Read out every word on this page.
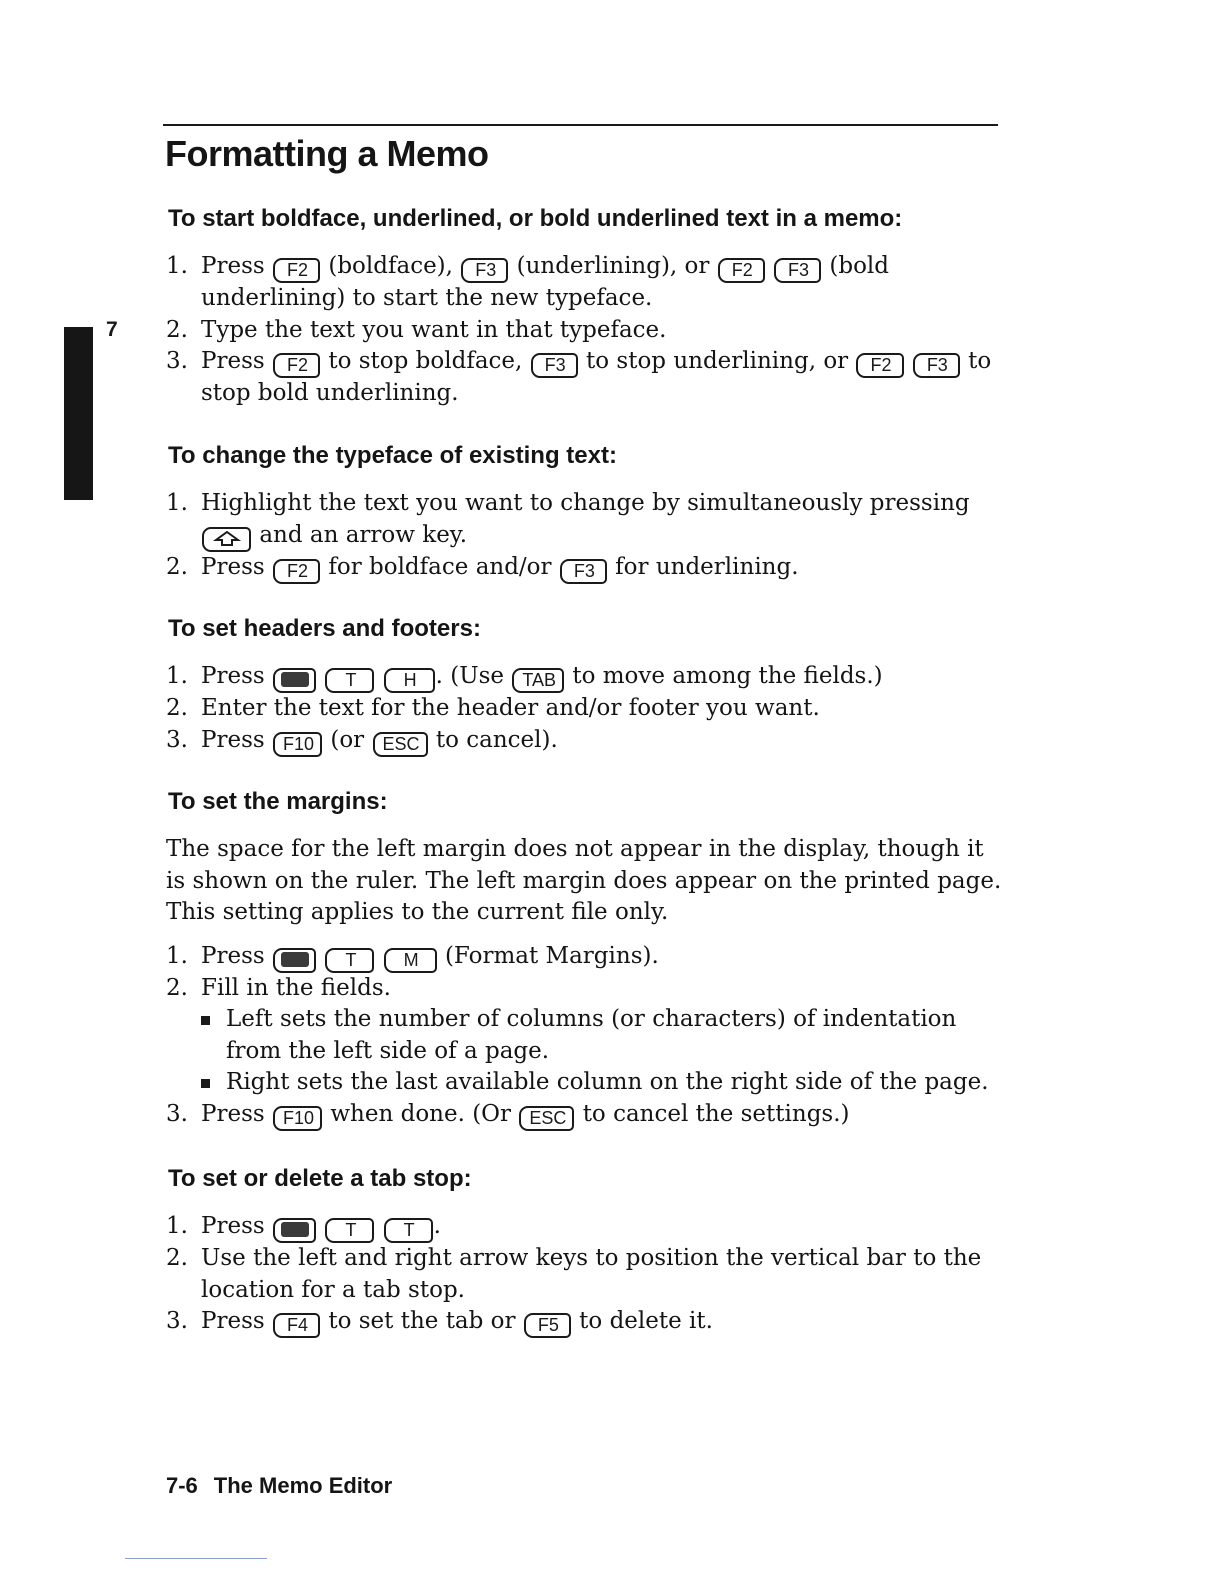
7
Formatting a Memo
To start boldface, underlined, or bold underlined text in a memo:
1. Press F2 (boldface), F3 (underlining), or F2 F3 (bold underlining) to start the new typeface.
2. Type the text you want in that typeface.
3. Press F2 to stop boldface, F3 to stop underlining, or F2 F3 to stop bold underlining.
To change the typeface of existing text:
1. Highlight the text you want to change by simultaneously pressing  and an arrow key.
2. Press F2 for boldface and/or F3 for underlining.
To set headers and footers:
1. Press	T	H . (Use TAB to move among the fields.)
2. Enter the text for the header and/or footer you want.
3. Press F10 (or ESC to cancel).
To set the margins:

The space for the left margin does not appear in the display, though it is shown on the ruler. The left margin does appear on the printed page. This setting applies to the current file only.

1. Press	T	M (Format Margins).
2. Fill in the fields.
Left sets the number of columns (or characters) of indentation from the left side of a page.
Right sets the last available column on the right side of the page.
3. Press F10 when done. (Or ESC to cancel the settings.)
To set or delete a tab stop:
1. Press	T	T .
2. Use the left and right arrow keys to position the vertical bar to the location for a tab stop.
3. Press F4 to set the tab or F5 to delete it.
7-6 The Memo Editor
